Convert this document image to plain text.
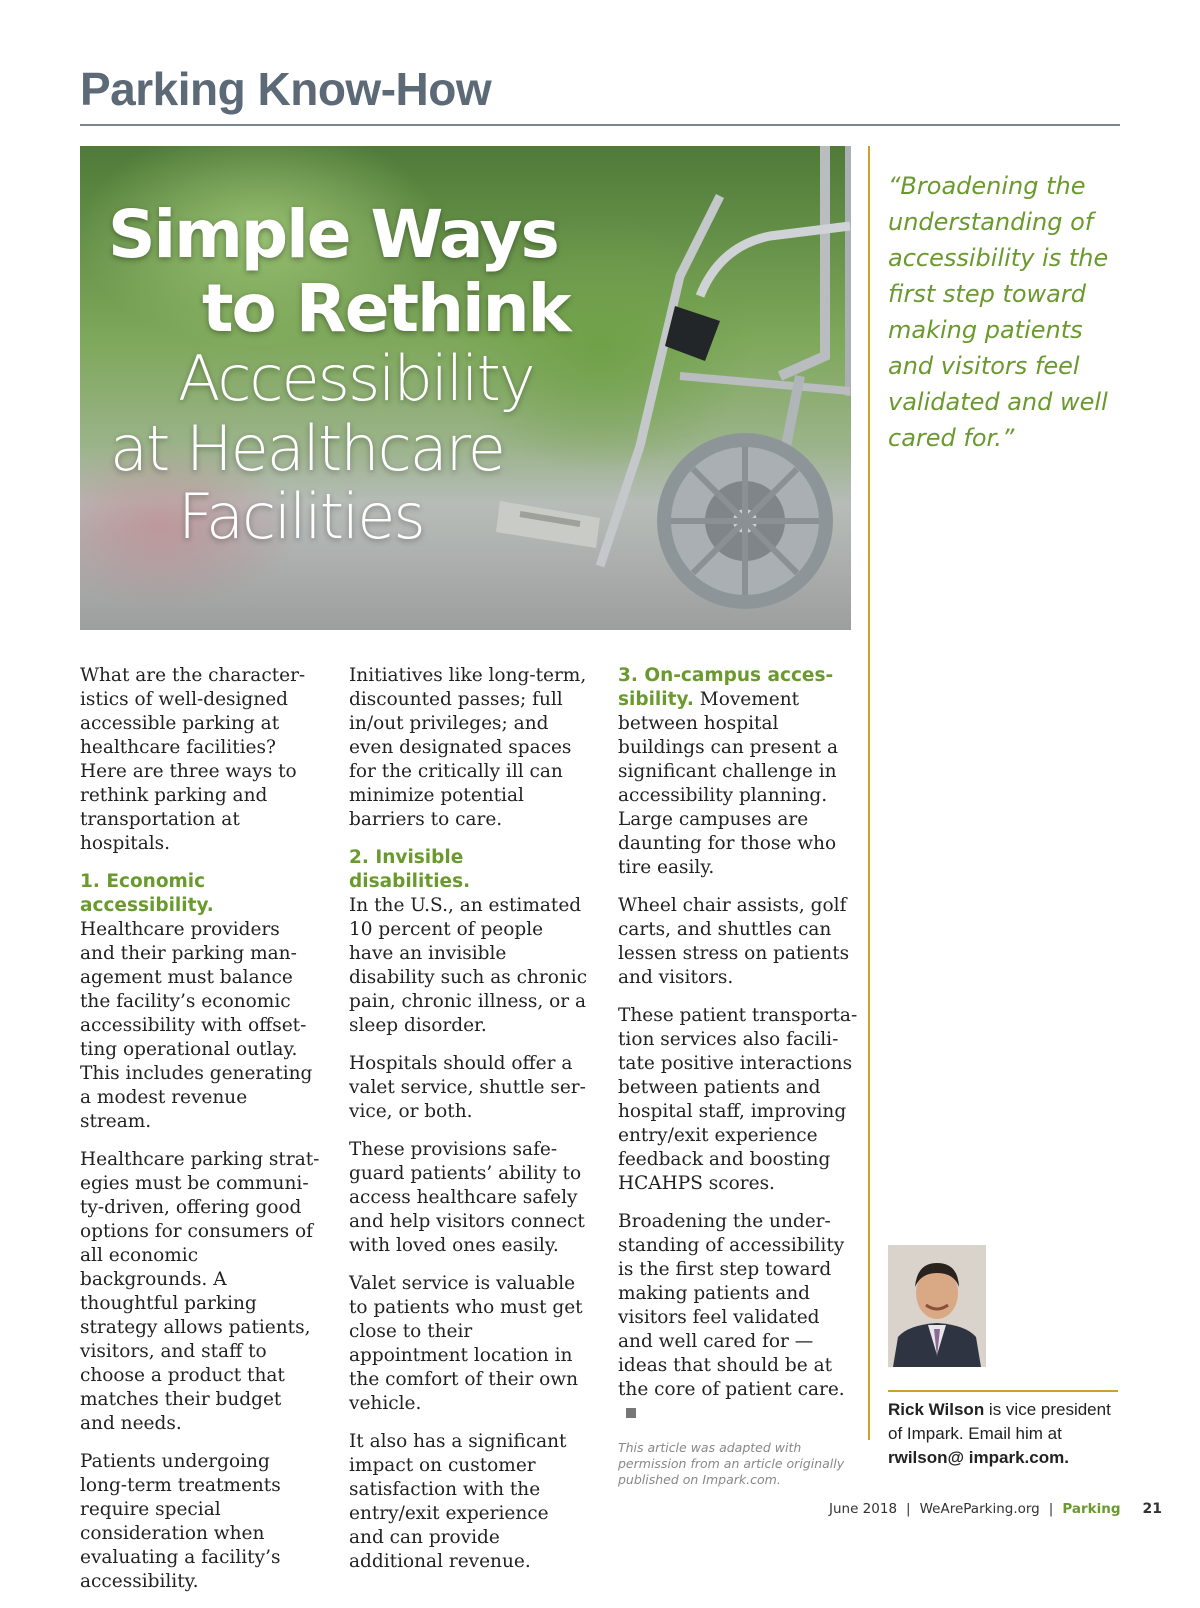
Parking Know-How

Simple Ways

to Rethink

Accessibility

at Healthcare

Facilities

“Broadening the understanding of accessibility is the first step toward making patients and visitors feel validated and well cared for.”

What are the characteristics of well-designed accessible parking at healthcare facilities? Here are three ways to rethink parking and transportation at hospitals.

1. Economic accessibility. Healthcare providers and their parking management must balance the facility’s economic accessibility with offsetting operational outlay. This includes generating a modest revenue stream.

Healthcare parking strategies must be community-driven, offering good options for consumers of all economic backgrounds. A thoughtful parking strategy allows patients, visitors, and staff to choose a product that matches their budget and needs.

Patients undergoing long-term treatments require special consideration when evaluating a facility’s accessibility.

Initiatives like long-term, discounted passes; full in/out privileges; and even designated spaces for the critically ill can minimize potential barriers to care.

2. Invisible disabilities.
In the U.S., an estimated 10 percent of people have an invisible disability such as chronic pain, chronic illness, or a sleep disorder.

Hospitals should offer a valet service, shuttle service, or both.

These provisions safeguard patients’ ability to access healthcare safely and help visitors connect with loved ones easily.

Valet service is valuable to patients who must get close to their appointment location in the comfort of their own vehicle.

It also has a significant impact on customer satisfaction with the entry/exit experience and can provide additional revenue.

3. On-campus accessibility. Movement between hospital buildings can present a significant challenge in accessibility planning. Large campuses are daunting for those who tire easily.

Wheel chair assists, golf carts, and shuttles can lessen stress on patients and visitors.

These patient transportation services also facilitate positive interactions between patients and hospital staff, improving entry/exit experience feedback and boosting HCAHPS scores.

Broadening the understanding of accessibility is the first step toward making patients and visitors feel validated and well cared for — ideas that should be at the core of patient care.

This article was adapted with permission from an article originally published on Impark.com.

Rick Wilson is vice president of Impark. Email him at rwilson@ impark.com.

June 2018 | WeAreParking.org | Parking 21
